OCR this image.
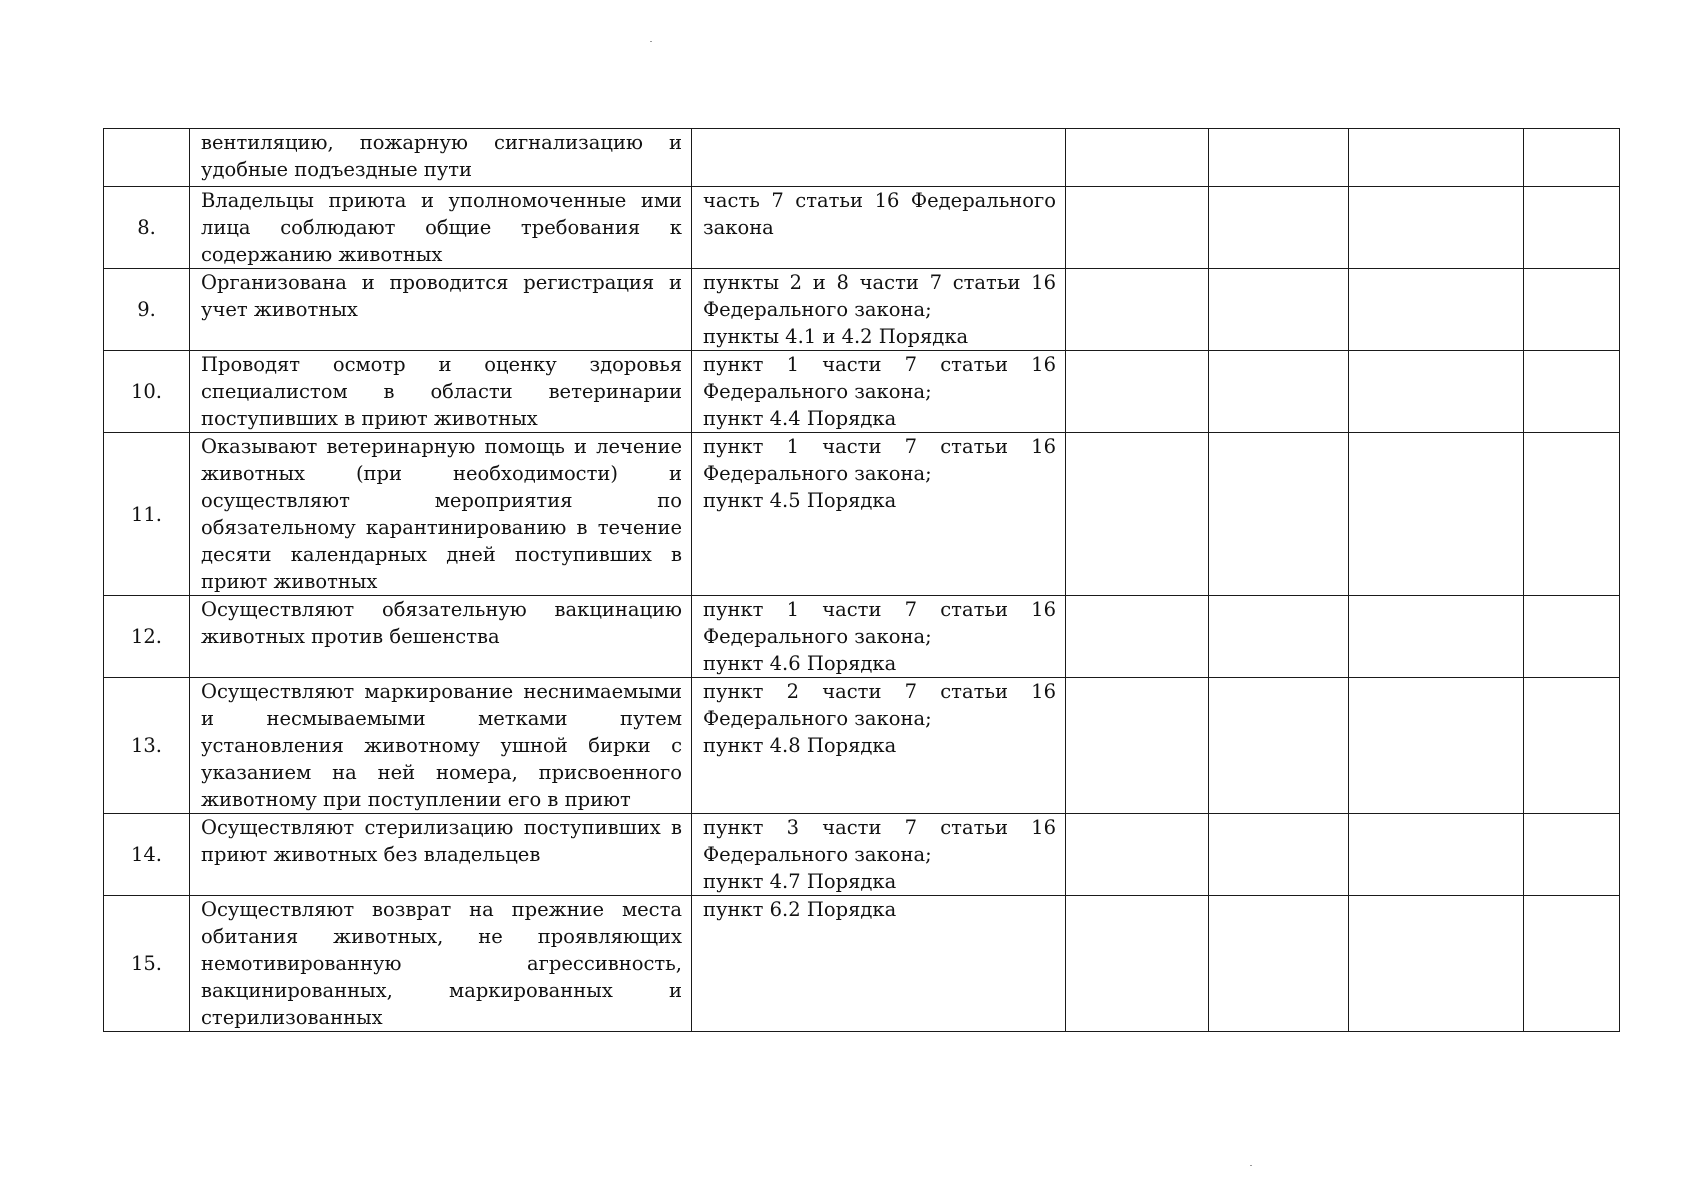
	вентиляцию, пожарную сигнализацию и удобные подъездные пути					
8.	Владельцы приюта и уполномоченные ими лица соблюдают общие требования к содержанию животных	часть 7 статьи 16 Федерального закона				
9.	Организована и проводится регистрация и учет животных	пункты 2 и 8 части 7 статьи 16 Федерального закона;
пункты 4.1 и 4.2 Порядка				
10.	Проводят осмотр и оценку здоровья специалистом в области ветеринарии поступивших в приют животных	пункт 1 части 7 статьи 16 Федерального закона;
пункт 4.4 Порядка				
11.	Оказывают ветеринарную помощь и лечение животных (при необходимости) и осуществляют мероприятия по обязательному карантинированию в течение десяти календарных дней поступивших в приют животных	пункт 1 части 7 статьи 16 Федерального закона;
пункт 4.5 Порядка				
12.	Осуществляют обязательную вакцинацию животных против бешенства	пункт 1 части 7 статьи 16 Федерального закона;
пункт 4.6 Порядка				
13.	Осуществляют маркирование неснимаемыми и несмываемыми метками путем установления животному ушной бирки с указанием на ней номера, присвоенного животному при поступлении его в приют	пункт 2 части 7 статьи 16 Федерального закона;
пункт 4.8 Порядка				
14.	Осуществляют стерилизацию поступивших в приют животных без владельцев	пункт 3 части 7 статьи 16 Федерального закона;
пункт 4.7 Порядка				
15.	Осуществляют возврат на прежние места обитания животных, не проявляющих немотивированную агрессивность, вакцинированных, маркированных и стерилизованных	пункт 6.2 Порядка				
